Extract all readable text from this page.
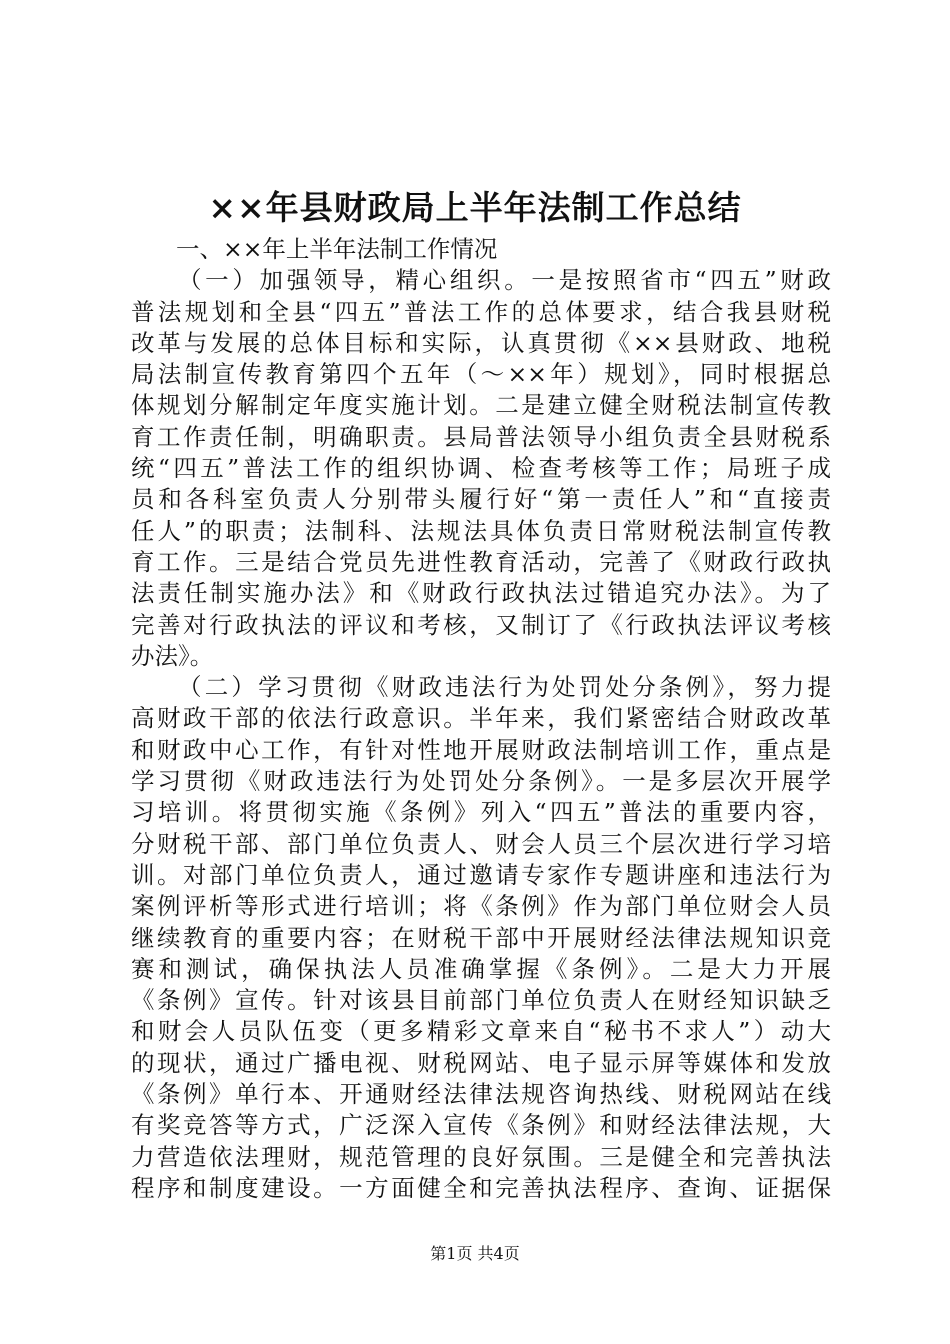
××年县财政局上半年法制工作总结
一、××年上半年法制工作情况
（一）加强领导，精心组织。一是按照省市“四五”财政
普法规划和全县“四五”普法工作的总体要求，结合我县财税
改革与发展的总体目标和实际，认真贯彻《××县财政、地税
局法制宣传教育第四个五年（～××年）规划》，同时根据总
体规划分解制定年度实施计划。二是建立健全财税法制宣传教
育工作责任制，明确职责。县局普法领导小组负责全县财税系
统“四五”普法工作的组织协调、检查考核等工作；局班子成
员和各科室负责人分别带头履行好“第一责任人”和“直接责
任人”的职责；法制科、法规法具体负责日常财税法制宣传教
育工作。三是结合党员先进性教育活动，完善了《财政行政执
法责任制实施办法》和《财政行政执法过错追究办法》。为了
完善对行政执法的评议和考核，又制订了《行政执法评议考核
办法》。
（二）学习贯彻《财政违法行为处罚处分条例》，努力提
高财政干部的依法行政意识。半年来，我们紧密结合财政改革
和财政中心工作，有针对性地开展财政法制培训工作，重点是
学习贯彻《财政违法行为处罚处分条例》。一是多层次开展学
习培训。将贯彻实施《条例》列入“四五”普法的重要内容，
分财税干部、部门单位负责人、财会人员三个层次进行学习培
训。对部门单位负责人，通过邀请专家作专题讲座和违法行为
案例评析等形式进行培训；将《条例》作为部门单位财会人员
继续教育的重要内容；在财税干部中开展财经法律法规知识竞
赛和测试，确保执法人员准确掌握《条例》。二是大力开展
《条例》宣传。针对该县目前部门单位负责人在财经知识缺乏
和财会人员队伍变（更多精彩文章来自“秘书不求人”）动大
的现状，通过广播电视、财税网站、电子显示屏等媒体和发放
《条例》单行本、开通财经法律法规咨询热线、财税网站在线
有奖竞答等方式，广泛深入宣传《条例》和财经法律法规，大
力营造依法理财，规范管理的良好氛围。三是健全和完善执法
程序和制度建设。一方面健全和完善执法程序、查询、证据保
第1页 共4页
